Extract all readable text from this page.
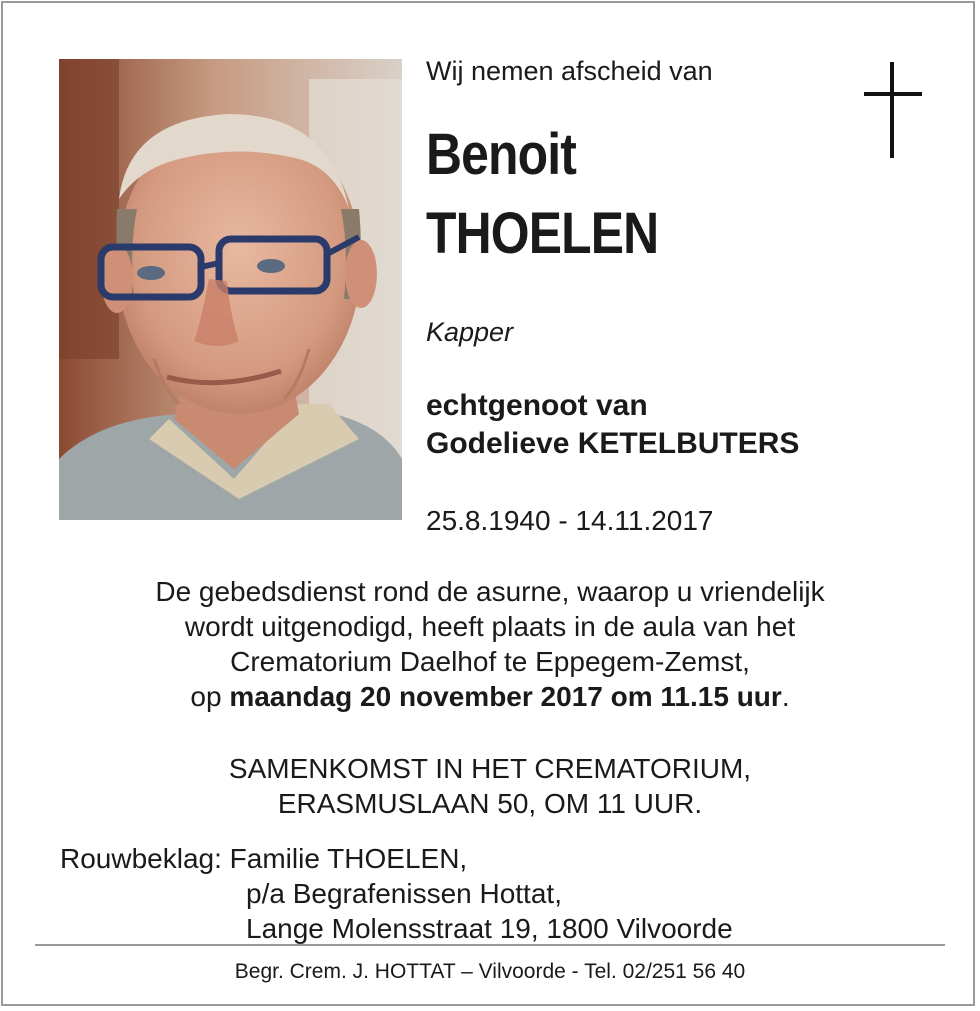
Wij nemen afscheid van
Benoit
THOELEN
Kapper
echtgenoot van
Godelieve KETELBUTERS
25.8.1940 - 14.11.2017
De gebedsdienst rond de asurne, waarop u vriendelijk
wordt uitgenodigd, heeft plaats in de aula van het
Crematorium Daelhof te Eppegem-Zemst,
op maandag 20 november 2017 om 11.15 uur.
SAMENKOMST IN HET CREMATORIUM,
ERASMUSLAAN 50, OM 11 UUR.
Rouwbeklag: Familie THOELEN,
p/a Begrafenissen Hottat,
Lange Molensstraat 19, 1800 Vilvoorde
Begr. Crem. J. HOTTAT – Vilvoorde - Tel. 02/251 56 40
